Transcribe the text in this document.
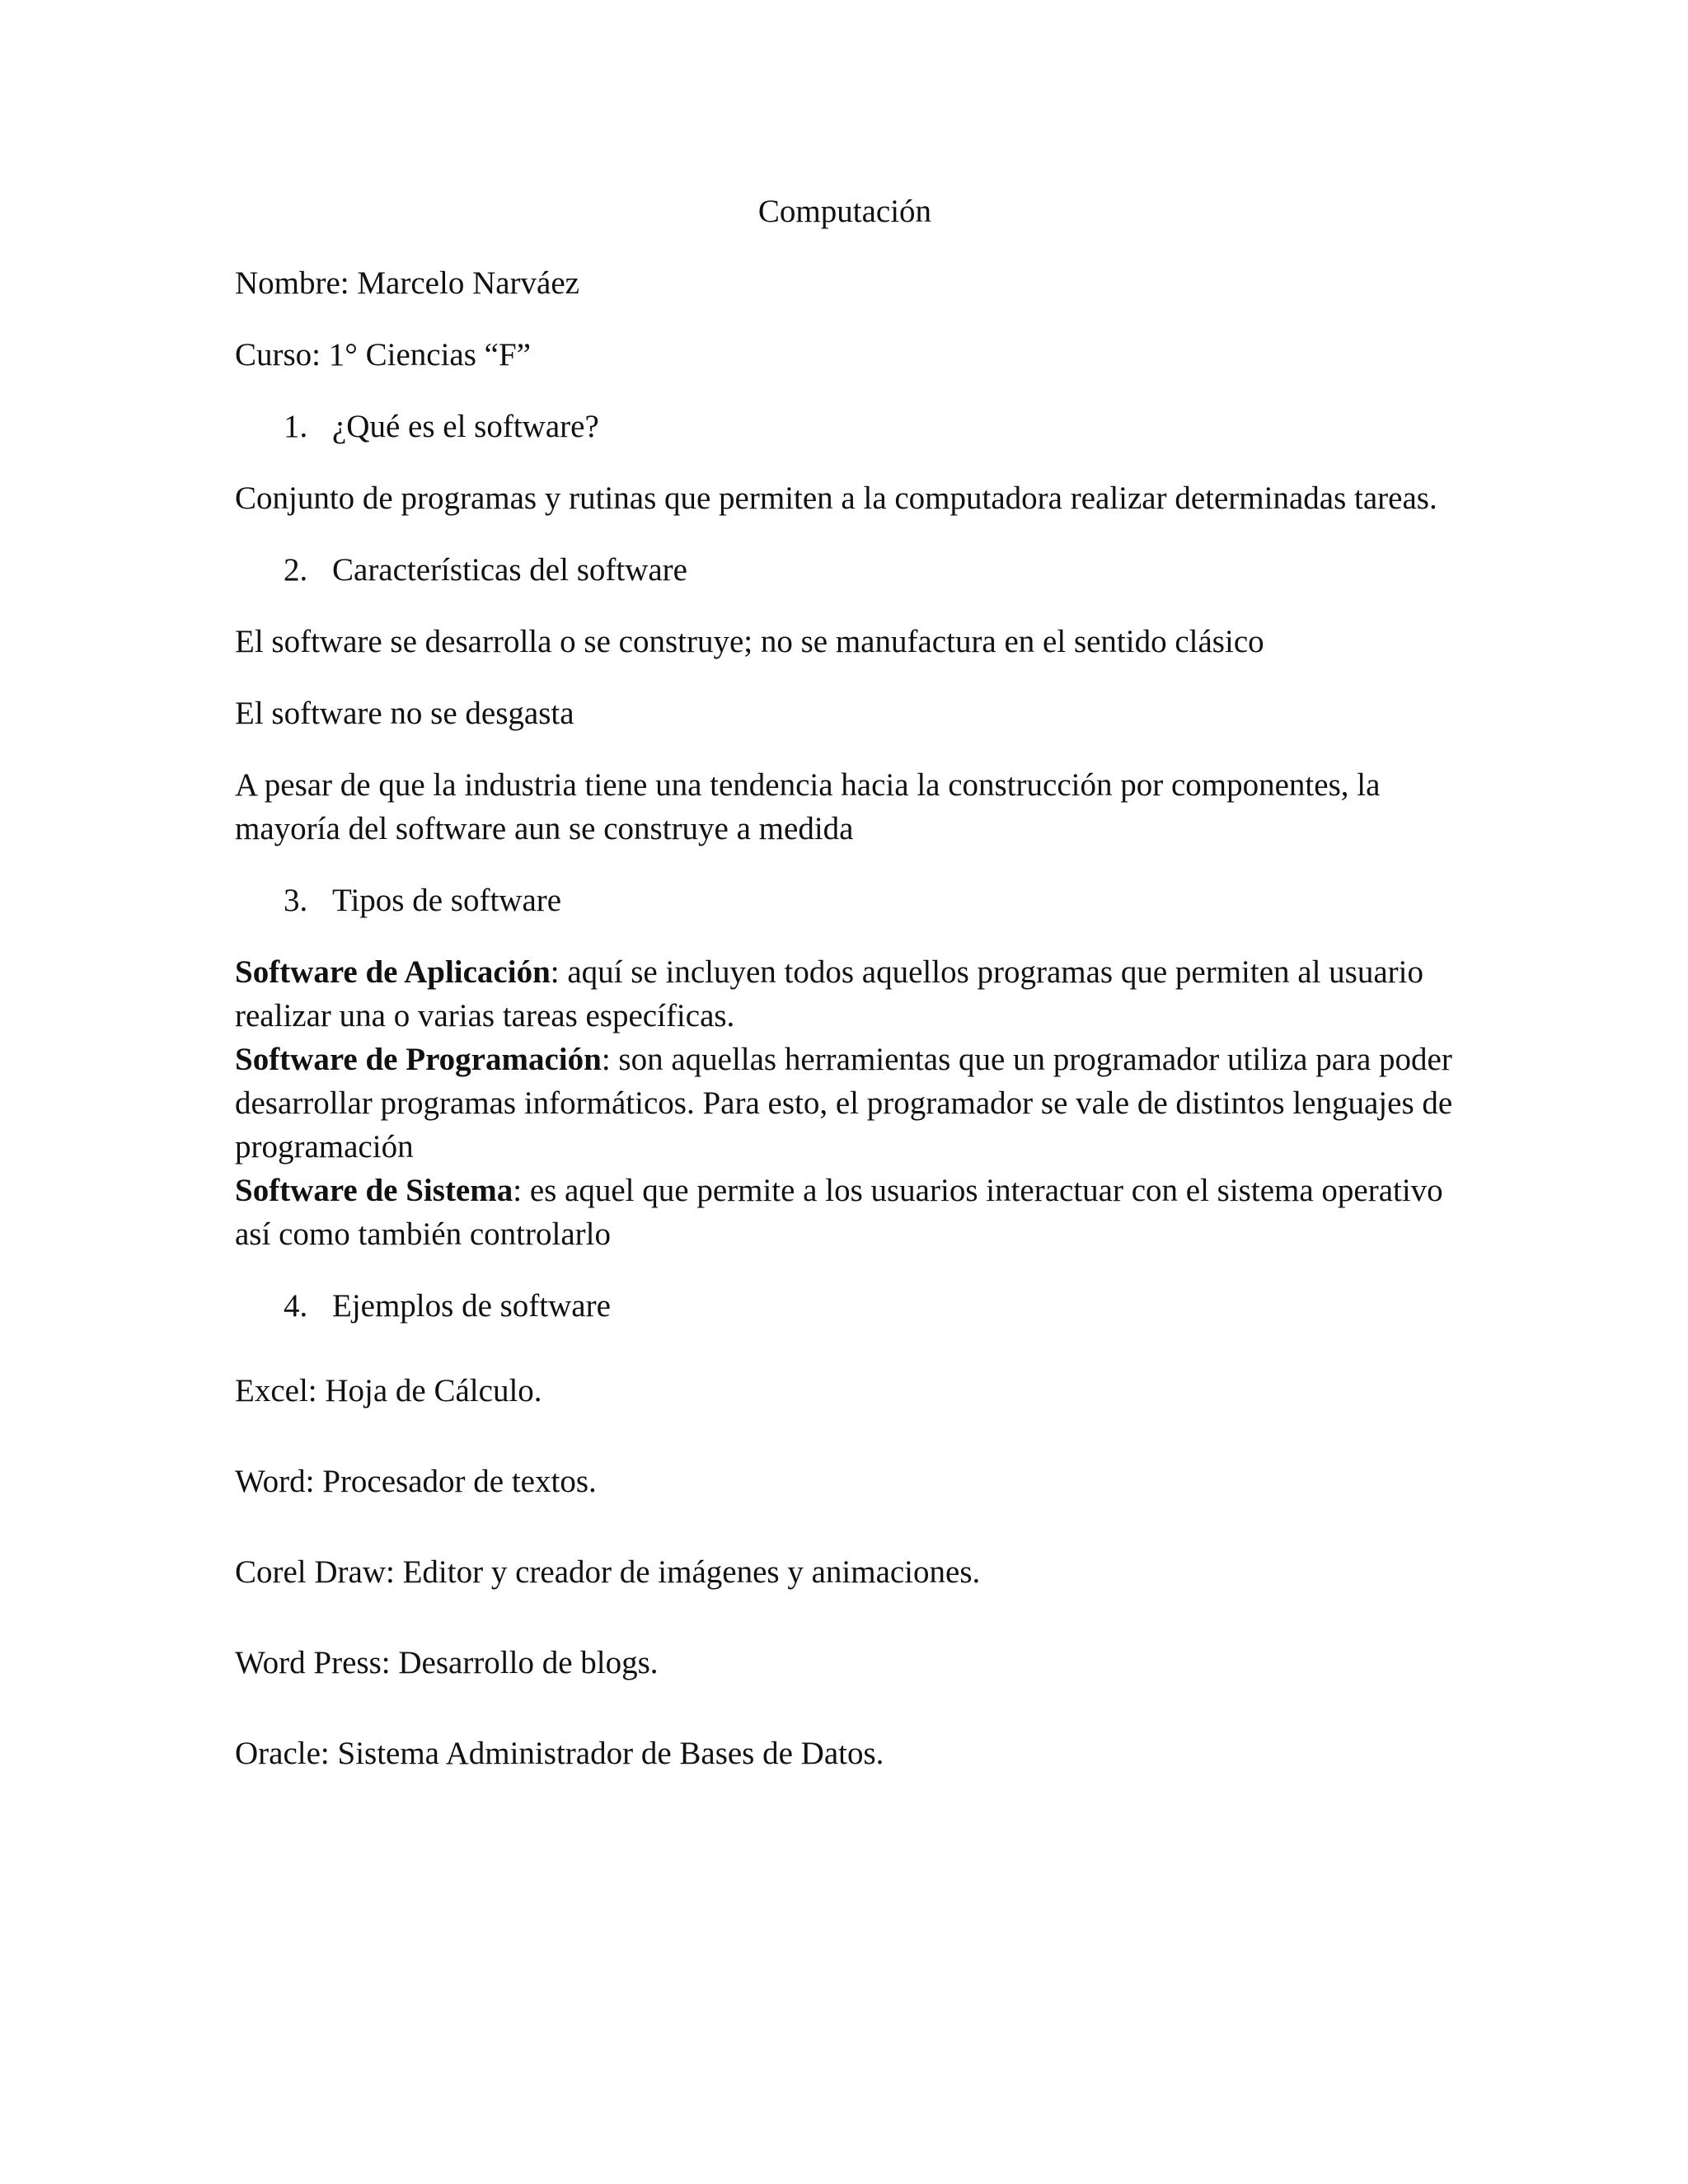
Computación

Nombre: Marcelo Narváez

Curso: 1° Ciencias “F”

1. ¿Qué es el software?

Conjunto de programas y rutinas que permiten a la computadora realizar determinadas tareas.

2. Características del software

El software se desarrolla o se construye; no se manufactura en el sentido clásico

El software no se desgasta

A pesar de que la industria tiene una tendencia hacia la construcción por componentes, la mayoría del software aun se construye a medida

3. Tipos de software
Software de Aplicación: aquí se incluyen todos aquellos programas que permiten al usuario realizar una o varias tareas específicas.
Software de Programación: son aquellas herramientas que un programador utiliza para poder desarrollar programas informáticos. Para esto, el programador se vale de distintos lenguajes de programación
Software de Sistema: es aquel que permite a los usuarios interactuar con el sistema operativo así como también controlarlo
4. Ejemplos de software

Excel: Hoja de Cálculo.

Word: Procesador de textos.

Corel Draw: Editor y creador de imágenes y animaciones.

Word Press: Desarrollo de blogs.

Oracle: Sistema Administrador de Bases de Datos.
